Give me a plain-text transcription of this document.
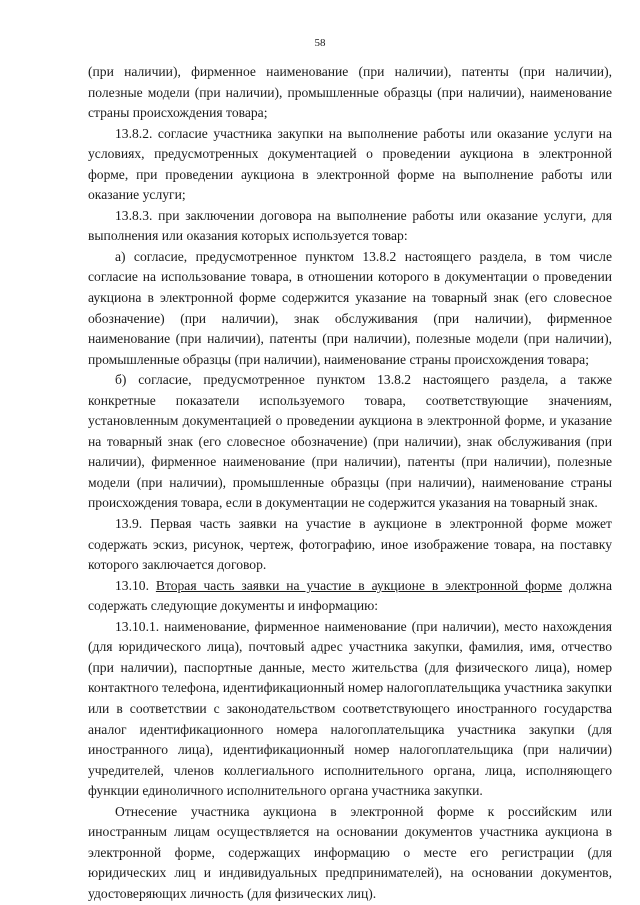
58

(при наличии), фирменное наименование (при наличии), патенты (при наличии), полезные модели (при наличии), промышленные образцы (при наличии), наименование страны происхождения товара;

13.8.2. согласие участника закупки на выполнение работы или оказание услуги на условиях, предусмотренных документацией о проведении аукциона в электронной форме, при проведении аукциона в электронной форме на выполнение работы или оказание услуги;

13.8.3. при заключении договора на выполнение работы или оказание услуги, для выполнения или оказания которых используется товар:

а) согласие, предусмотренное пунктом 13.8.2 настоящего раздела, в том числе согласие на использование товара, в отношении которого в документации о проведении аукциона в электронной форме содержится указание на товарный знак (его словесное обозначение) (при наличии), знак обслуживания (при наличии), фирменное наименование (при наличии), патенты (при наличии), полезные модели (при наличии), промышленные образцы (при наличии), наименование страны происхождения товара;

б) согласие, предусмотренное пунктом 13.8.2 настоящего раздела, а также конкретные показатели используемого товара, соответствующие значениям, установленным документацией о проведении аукциона в электронной форме, и указание на товарный знак (его словесное обозначение) (при наличии), знак обслуживания (при наличии), фирменное наименование (при наличии), патенты (при наличии), полезные модели (при наличии), промышленные образцы (при наличии), наименование страны происхождения товара, если в документации не содержится указания на товарный знак.

13.9. Первая часть заявки на участие в аукционе в электронной форме может содержать эскиз, рисунок, чертеж, фотографию, иное изображение товара, на поставку которого заключается договор.

13.10. Вторая часть заявки на участие в аукционе в электронной форме должна содержать следующие документы и информацию:

13.10.1. наименование, фирменное наименование (при наличии), место нахождения (для юридического лица), почтовый адрес участника закупки, фамилия, имя, отчество (при наличии), паспортные данные, место жительства (для физического лица), номер контактного телефона, идентификационный номер налогоплательщика участника закупки или в соответствии с законодательством соответствующего иностранного государства аналог идентификационного номера налогоплательщика участника закупки (для иностранного лица), идентификационный номер налогоплательщика (при наличии) учредителей, членов коллегиального исполнительного органа, лица, исполняющего функции единоличного исполнительного органа участника закупки.

Отнесение участника аукциона в электронной форме к российским или иностранным лицам осуществляется на основании документов участника аукциона в электронной форме, содержащих информацию о месте его регистрации (для юридических лиц и индивидуальных предпринимателей), на основании документов, удостоверяющих личность (для физических лиц).
